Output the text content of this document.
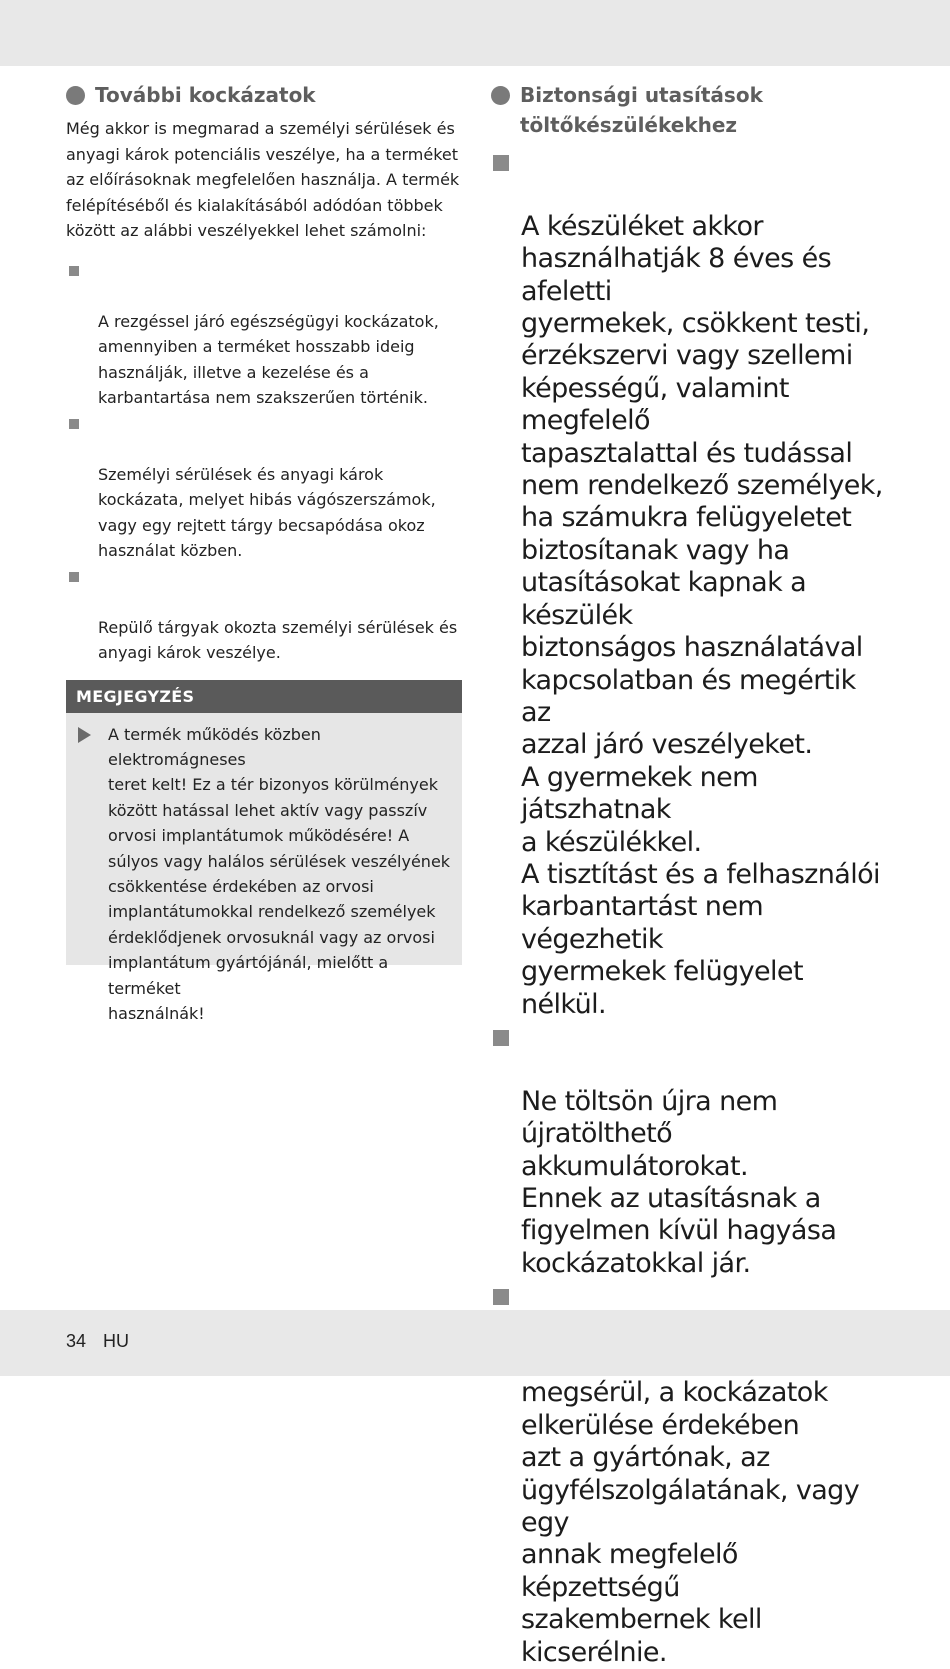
További kockázatok

Még akkor is megmarad a személyi sérülések és
anyagi károk potenciális veszélye, ha a terméket
az előírásoknak megfelelően használja. A termék
felépítéséből és kialakításából adódóan többek
között az alábbi veszélyekkel lehet számolni:

A rezgéssel járó egészségügyi kockázatok,
amennyiben a terméket hosszabb ideig
használják, illetve a kezelése és a
karbantartása nem szakszerűen történik.

Személyi sérülések és anyagi károk
kockázata, melyet hibás vágószerszámok,
vagy egy rejtett tárgy becsapódása okoz
használat közben.

Repülő tárgyak okozta személyi sérülések és
anyagi károk veszélye.

MEGJEGYZÉS
A termék működés közben elektromágneses
teret kelt! Ez a tér bizonyos körülmények
között hatással lehet aktív vagy passzív
orvosi implantátumok működésére! A
súlyos vagy halálos sérülések veszélyének
csökkentése érdekében az orvosi
implantátumokkal rendelkező személyek
érdeklődjenek orvosuknál vagy az orvosi
implantátum gyártójánál, mielőtt a terméket
használnák!
Biztonsági utasítások
töltőkészülékekhez

A készüléket akkor
használhatják 8 éves és afeletti
gyermekek, csökkent testi,
érzékszervi vagy szellemi
képességű, valamint megfelelő
tapasztalattal és tudással
nem rendelkező személyek,
ha számukra felügyeletet
biztosítanak vagy ha
utasításokat kapnak a készülék
biztonságos használatával
kapcsolatban és megértik az
azzal járó veszélyeket.
A gyermekek nem játszhatnak
a készülékkel.
A tisztítást és a felhasználói
karbantartást nem végezhetik
gyermekek felügyelet nélkül.

Ne töltsön újra nem újratölthető
akkumulátorokat.
Ennek az utasításnak a
figyelmen kívül hagyása
kockázatokkal jár.

megsérül, a kockázatok
elkerülése érdekében
azt a gyártónak, az
ügyfélszolgálatának, vagy egy
annak megfelelő képzettségű
szakembernek kell kicserélnie.

34 HU
